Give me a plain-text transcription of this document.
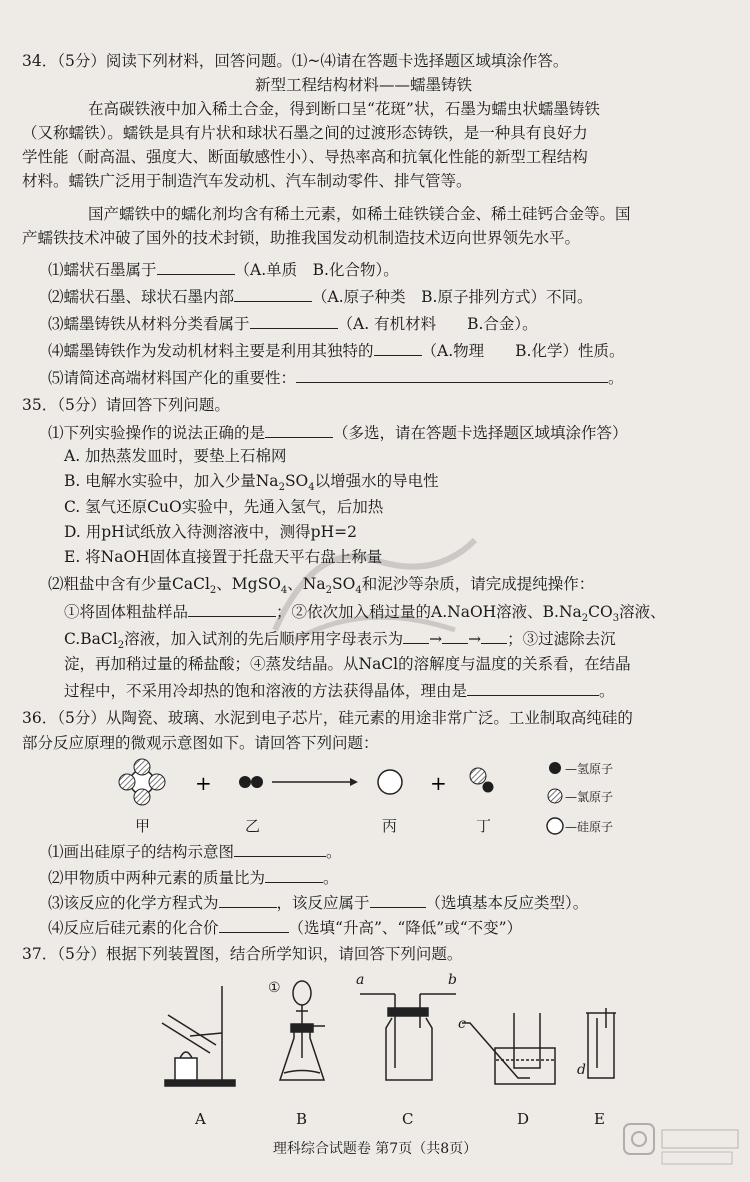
34．（5分）阅读下列材料，回答问题。⑴~⑷请在答题卡选择题区域填涂作答。
新型工程结构材料——蠕墨铸铁
在高碳铁液中加入稀土合金，得到断口呈“花斑”状，石墨为蠕虫状蠕墨铸铁
（又称蠕铁）。蠕铁是具有片状和球状石墨之间的过渡形态铸铁，是一种具有良好力
学性能（耐高温、强度大、断面敏感性小）、导热率高和抗氧化性能的新型工程结构
材料。蠕铁广泛用于制造汽车发动机、汽车制动零件、排气管等。
国产蠕铁中的蠕化剂均含有稀土元素，如稀土硅铁镁合金、稀土硅钙合金等。国
产蠕铁技术冲破了国外的技术封锁，助推我国发动机制造技术迈向世界领先水平。
⑴蠕状石墨属于	（A.单质　B.化合物）。
⑵蠕状石墨、球状石墨内部	（A.原子种类　B.原子排列方式）不同。
⑶蠕墨铸铁从材料分类看属于	（A. 有机材料　　B.合金）。
⑷蠕墨铸铁作为发动机材料主要是利用其独特的	（A.物理　　B.化学）性质。
⑸请简述高端材料国产化的重要性：	。
35．（5分）请回答下列问题。
⑴下列实验操作的说法正确的是	（多选，请在答题卡选择题区域填涂作答）
A. 加热蒸发皿时，要垫上石棉网
B. 电解水实验中，加入少量$Na_2SO_4$以增强水的导电性
C. 氢气还原CuO实验中，先通入氢气，后加热
D. 用pH试纸放入待测溶液中，测得pH=2
E. 将NaOH固体直接置于托盘天平右盘上称量
⑵粗盐中含有少量CaCl$_2$、MgSO$_4$、$Na_2SO_4$和泥沙等杂质，请完成提纯操作：
①将固体粗盐样品	；②依次加入稍过量的A.NaOH溶液、$B.Na_2CO_3$溶液、
C.BaCl$_2$溶液，加入试剂的先后顺序用字母表示为 → → ；③过滤除去沉
淀，再加稍过量的稀盐酸；④蒸发结晶。从NaCl的溶解度与温度的关系看，在结晶
过程中，不采用冷却热的饱和溶液的方法获得晶体，理由是	。
36．（5分）从陶瓷、玻璃、水泥到电子芯片，硅元素的用途非常广泛。工业制取高纯硅的
部分反应原理的微观示意图如下。请回答下列问题：
+	+
—氢原子
—氯原子
—硅原子
甲	乙	丙	丁
⑴画出硅原子的结构示意图	。
⑵甲物质中两种元素的质量比为	。
⑶该反应的化学方程式为	，该反应属于	（选填基本反应类型）。
⑷反应后硅元素的化合价	（选填“升高”、“降低”或“不变”）
37．（5分）根据下列装置图，结合所学知识，请回答下列问题。
①	a	b
c
d
A	B	C	D	E
理科综合试题卷 第7页（共8页）
